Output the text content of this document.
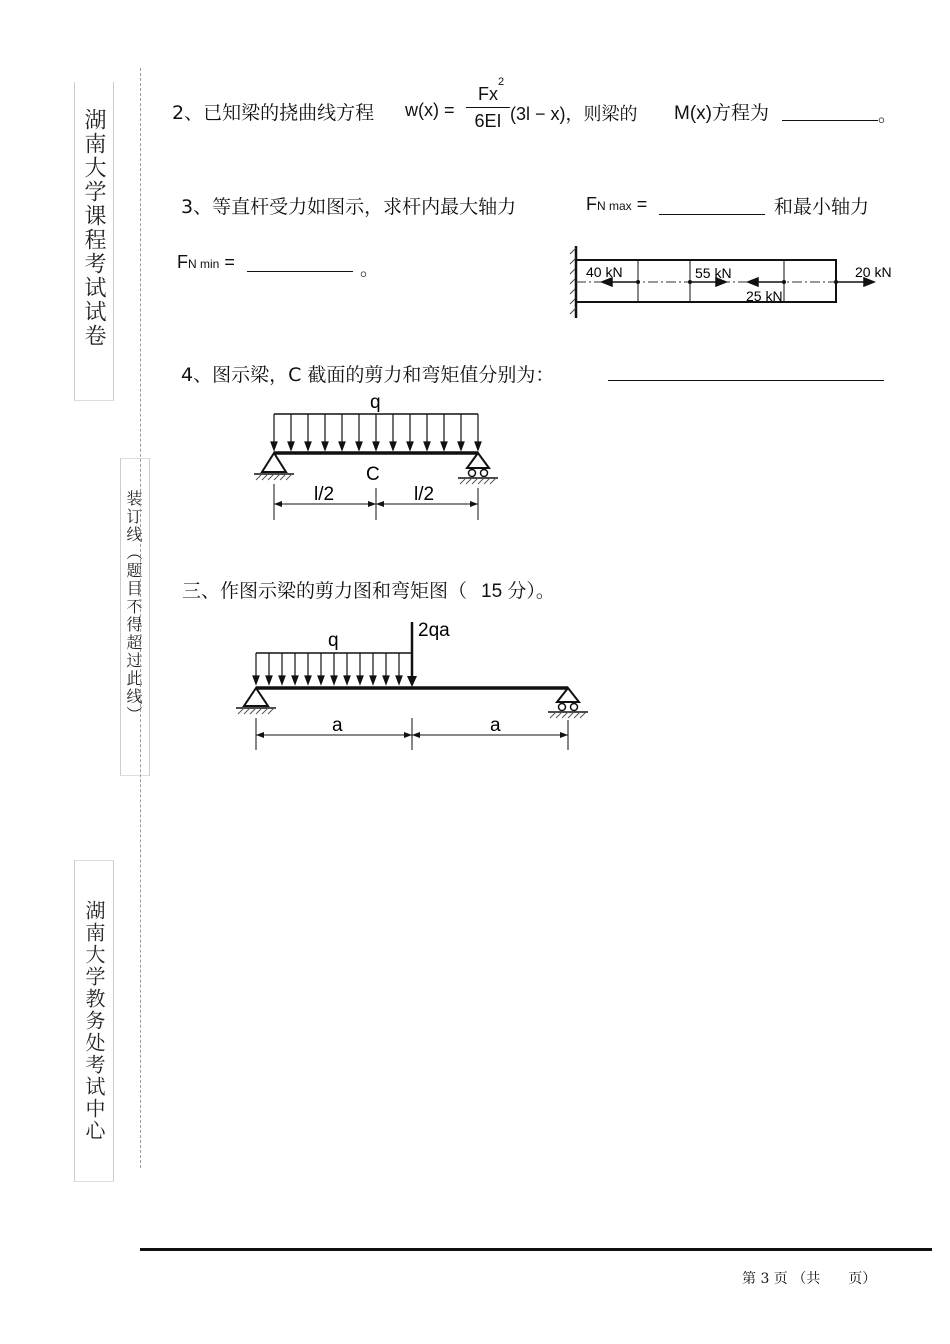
湖南大学课程考试试卷
装订线（题目不得超过此线）
湖南大学教务处考试中心
2、已知梁的挠曲线方程 w(x) =
Fx
2
6EI (3l − x)，则梁的 M(x)方程为	。
3、等直杆受力如图示，求杆内最大轴力	FN max =	和最小轴力
FN min =	。	40 kN	55 kN
25 kN
20 kN
4、图示梁，C 截面的剪力和弯矩值分别为：
q
C
l/2	l/2
三、作图示梁的剪力图和弯矩图（ 15 分）。
q	2qa
a	a
第 3 页 （共　　页）
